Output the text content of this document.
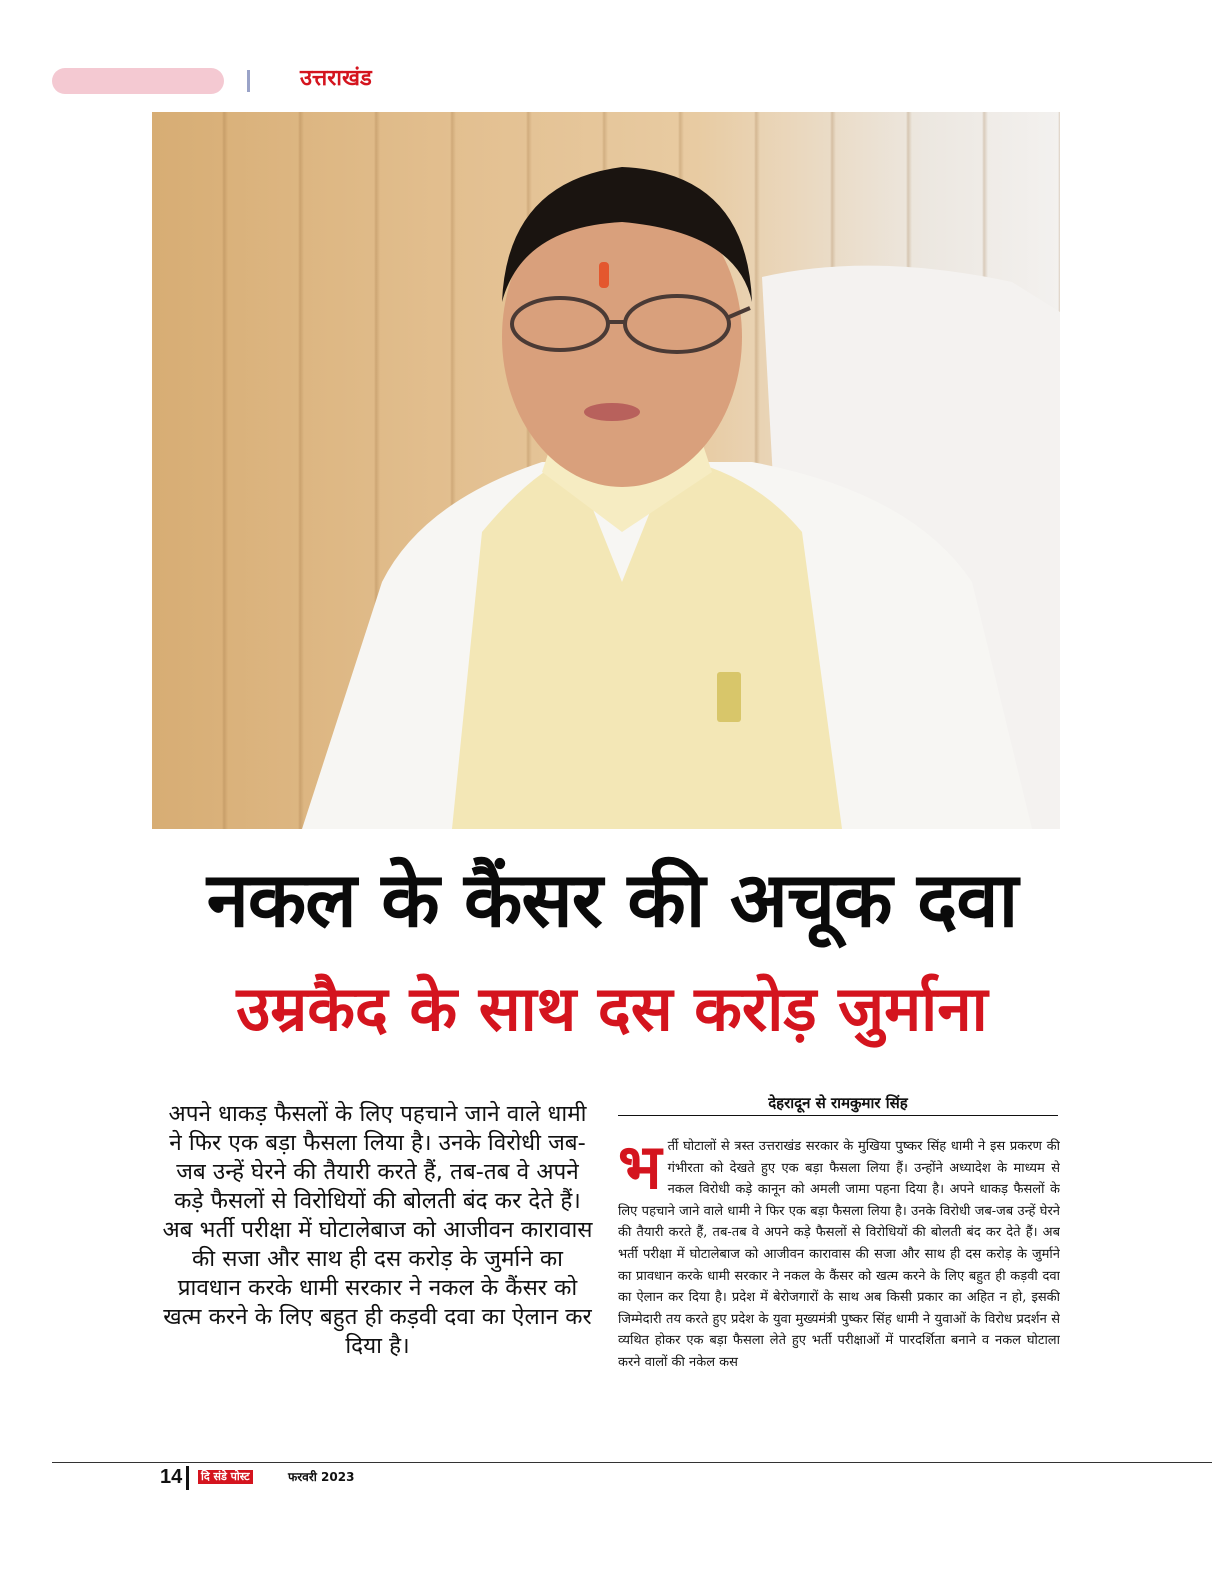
उत्तराखंड
नकल के कैंसर की अचूक दवा
उम्रकैद के साथ दस करोड़ जुर्माना
अपने धाकड़ फैसलों के लिए पहचाने जाने वाले धामी ने फिर एक बड़ा फैसला लिया है। उनके विरोधी जब-जब उन्हें घेरने की तैयारी करते हैं, तब-तब वे अपने कड़े फैसलों से विरोधियों की बोलती बंद कर देते हैं। अब भर्ती परीक्षा में घोटालेबाज को आजीवन कारावास की सजा और साथ ही दस करोड़ के जुर्माने का प्रावधान करके धामी सरकार ने नकल के कैंसर को खत्म करने के लिए बहुत ही कड़वी दवा का ऐलान कर दिया है।
देहरादून से रामकुमार सिंह
भ र्ती घोटालों से त्रस्त उत्तराखंड सरकार के मुखिया पुष्कर सिंह धामी ने इस प्रकरण की गंभीरता को देखते हुए एक बड़ा फैसला लिया हैं। उन्होंने अध्यादेश के माध्यम से नकल विरोधी कड़े कानून को अमली जामा पहना दिया है। अपने धाकड़ फैसलों के लिए पहचाने जाने वाले धामी ने फिर एक बड़ा फैसला लिया है। उनके विरोधी जब-जब उन्हें घेरने की तैयारी करते हैं, तब-तब वे अपने कड़े फैसलों से विरोधियों की बोलती बंद कर देते हैं। अब भर्ती परीक्षा में घोटालेबाज को आजीवन कारावास की सजा और साथ ही दस करोड़ के जुर्माने का प्रावधान करके धामी सरकार ने नकल के कैंसर को खत्म करने के लिए बहुत ही कड़वी दवा का ऐलान कर दिया है। प्रदेश में बेरोजगारों के साथ अब किसी प्रकार का अहित न हो, इसकी जिम्मेदारी तय करते हुए प्रदेश के युवा मुख्यमंत्री पुष्कर सिंह धामी ने युवाओं के विरोध प्रदर्शन से व्यथित होकर एक बड़ा फैसला लेते हुए भर्ती परीक्षाओं में पारदर्शिता बनाने व नकल घोटाला करने वालों की नकेल कस
14 दि संडे पोस्ट	फरवरी 2023
